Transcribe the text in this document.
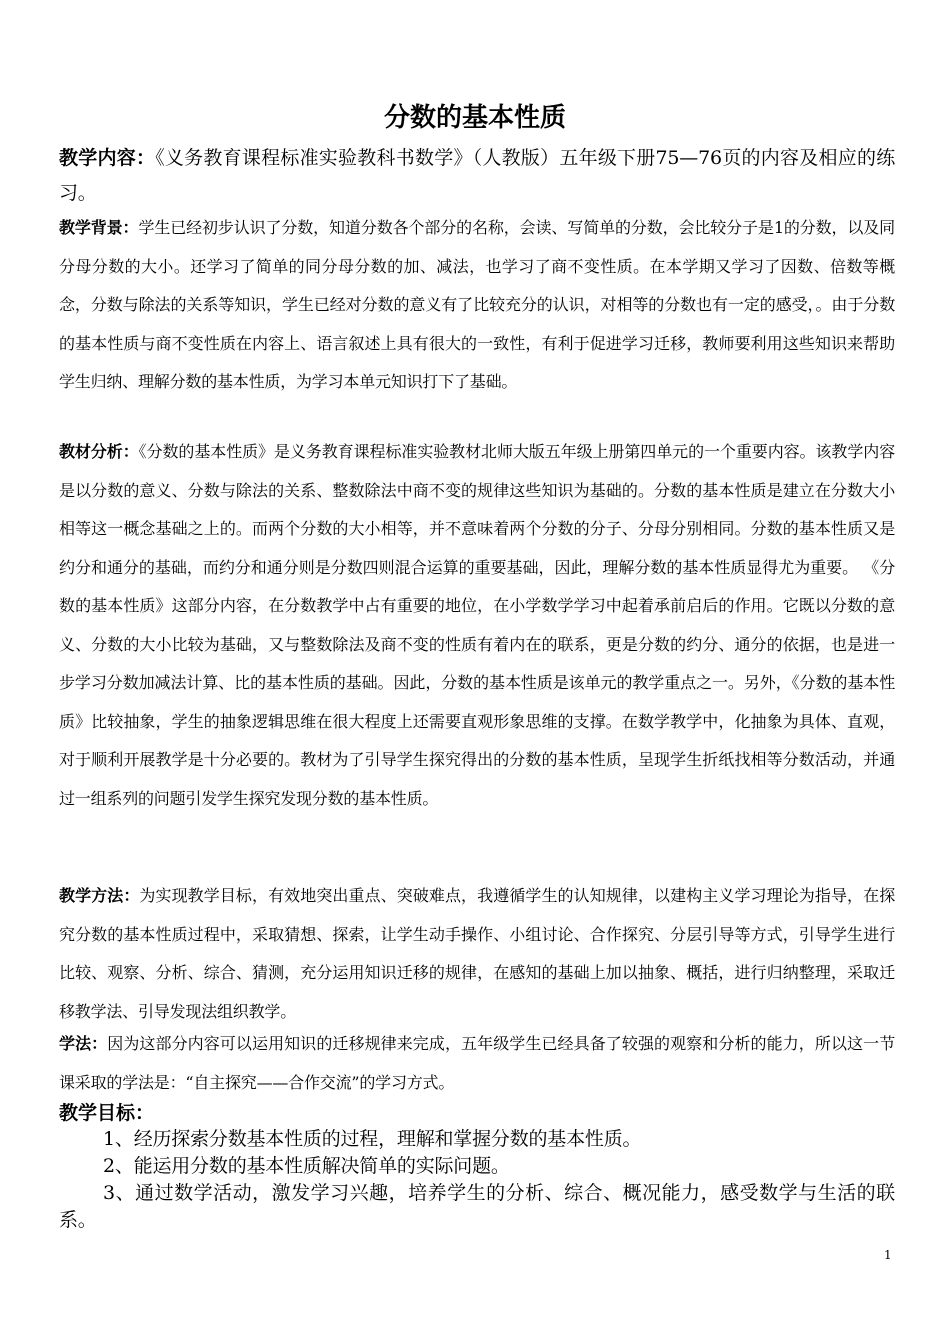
分数的基本性质

教学内容：《义务教育课程标准实验教科书数学》（人教版）五年级下册75—76页的内容及相应的练习。

教学背景：学生已经初步认识了分数，知道分数各个部分的名称，会读、写简单的分数，会比较分子是1的分数，以及同分母分数的大小。还学习了简单的同分母分数的加、减法，也学习了商不变性质。在本学期又学习了因数、倍数等概念，分数与除法的关系等知识，学生已经对分数的意义有了比较充分的认识，对相等的分数也有一定的感受，。由于分数的基本性质与商不变性质在内容上、语言叙述上具有很大的一致性，有利于促进学习迁移，教师要利用这些知识来帮助学生归纳、理解分数的基本性质，为学习本单元知识打下了基础。

教材分析：《分数的基本性质》是义务教育课程标准实验教材北师大版五年级上册第四单元的一个重要内容。该教学内容是以分数的意义、分数与除法的关系、整数除法中商不变的规律这些知识为基础的。分数的基本性质是建立在分数大小相等这一概念基础之上的。而两个分数的大小相等，并不意味着两个分数的分子、分母分别相同。分数的基本性质又是约分和通分的基础，而约分和通分则是分数四则混合运算的重要基础，因此，理解分数的基本性质显得尤为重要。 《分数的基本性质》这部分内容，在分数教学中占有重要的地位，在小学数学学习中起着承前启后的作用。它既以分数的意义、分数的大小比较为基础，又与整数除法及商不变的性质有着内在的联系，更是分数的约分、通分的依据，也是进一步学习分数加减法计算、比的基本性质的基础。因此，分数的基本性质是该单元的教学重点之一。另外，《分数的基本性质》比较抽象，学生的抽象逻辑思维在很大程度上还需要直观形象思维的支撑。在数学教学中，化抽象为具体、直观，对于顺利开展教学是十分必要的。教材为了引导学生探究得出的分数的基本性质，呈现学生折纸找相等分数活动，并通过一组系列的问题引发学生探究发现分数的基本性质。

教学方法：为实现教学目标，有效地突出重点、突破难点，我遵循学生的认知规律，以建构主义学习理论为指导，在探究分数的基本性质过程中，采取猜想、探索，让学生动手操作、小组讨论、合作探究、分层引导等方式，引导学生进行比较、观察、分析、综合、猜测，充分运用知识迁移的规律，在感知的基础上加以抽象、概括，进行归纳整理，采取迁移教学法、引导发现法组织教学。

学法：因为这部分内容可以运用知识的迁移规律来完成，五年级学生已经具备了较强的观察和分析的能力，所以这一节课采取的学法是：“自主探究——合作交流”的学习方式。

教学目标：
1、经历探索分数基本性质的过程，理解和掌握分数的基本性质。
2、能运用分数的基本性质解决简单的实际问题。
3、通过数学活动，激发学习兴趣，培养学生的分析、综合、概况能力，感受数学与生活的联系。
1
